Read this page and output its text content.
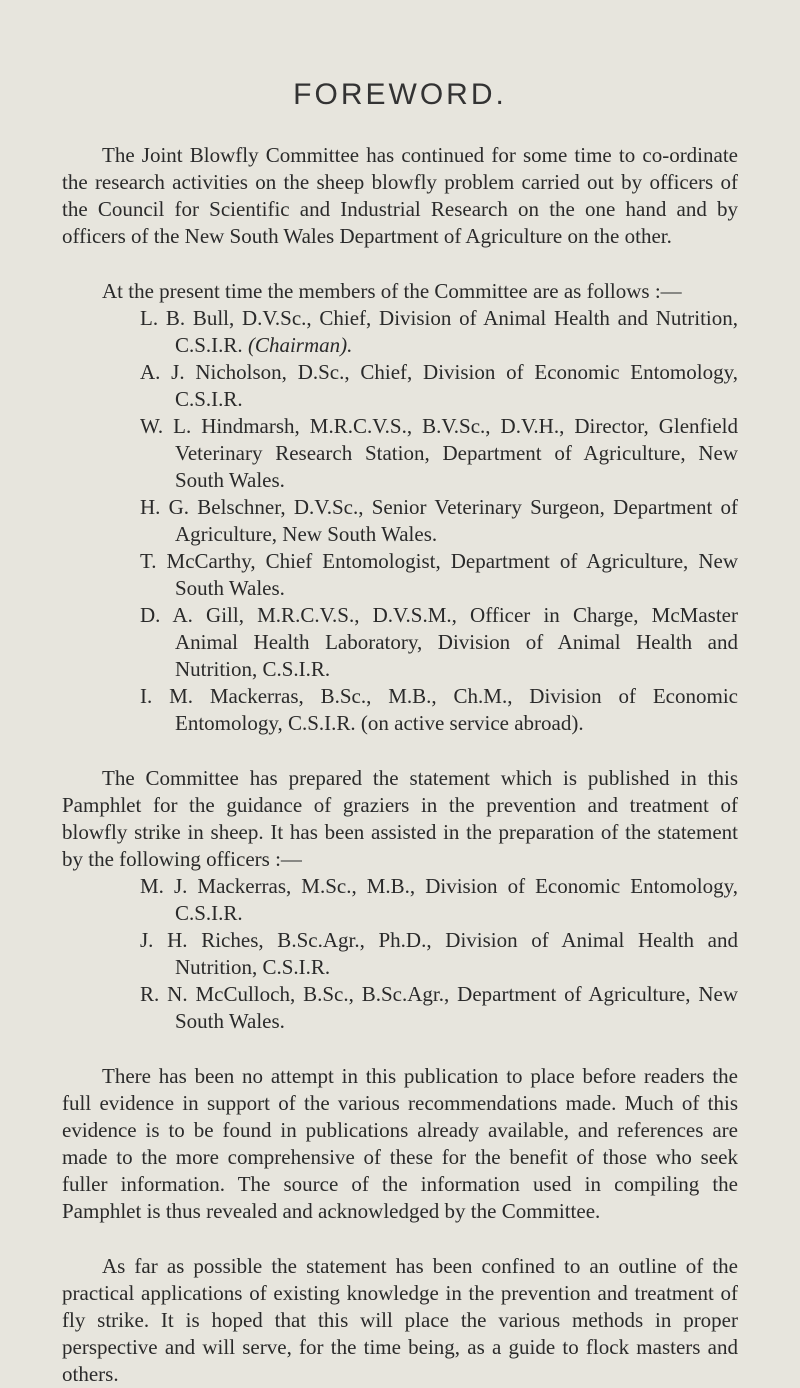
FOREWORD.

The Joint Blowfly Committee has continued for some time to co-ordinate the research activities on the sheep blowfly problem carried out by officers of the Council for Scientific and Industrial Research on the one hand and by officers of the New South Wales Department of Agriculture on the other.

At the present time the members of the Committee are as follows :—

L. B. Bull, D.V.Sc., Chief, Division of Animal Health and Nutrition, C.S.I.R. (Chairman).
A. J. Nicholson, D.Sc., Chief, Division of Economic Entomology, C.S.I.R.
W. L. Hindmarsh, M.R.C.V.S., B.V.Sc., D.V.H., Director, Glenfield Veterinary Research Station, Department of Agriculture, New South Wales.
H. G. Belschner, D.V.Sc., Senior Veterinary Surgeon, Department of Agriculture, New South Wales.
T. McCarthy, Chief Entomologist, Department of Agriculture, New South Wales.
D. A. Gill, M.R.C.V.S., D.V.S.M., Officer in Charge, McMaster Animal Health Laboratory, Division of Animal Health and Nutrition, C.S.I.R.
I. M. Mackerras, B.Sc., M.B., Ch.M., Division of Economic Entomology, C.S.I.R. (on active service abroad).

The Committee has prepared the statement which is published in this Pamphlet for the guidance of graziers in the prevention and treatment of blowfly strike in sheep. It has been assisted in the preparation of the statement by the following officers :—

M. J. Mackerras, M.Sc., M.B., Division of Economic Entomology, C.S.I.R.
J. H. Riches, B.Sc.Agr., Ph.D., Division of Animal Health and Nutrition, C.S.I.R.
R. N. McCulloch, B.Sc., B.Sc.Agr., Department of Agriculture, New South Wales.

There has been no attempt in this publication to place before readers the full evidence in support of the various recommendations made. Much of this evidence is to be found in publications already available, and references are made to the more comprehensive of these for the benefit of those who seek fuller information. The source of the information used in compiling the Pamphlet is thus revealed and acknowledged by the Committee.

As far as possible the statement has been confined to an outline of the practical applications of existing knowledge in the prevention and treatment of fly strike. It is hoped that this will place the various methods in proper perspective and will serve, for the time being, as a guide to flock masters and others.
